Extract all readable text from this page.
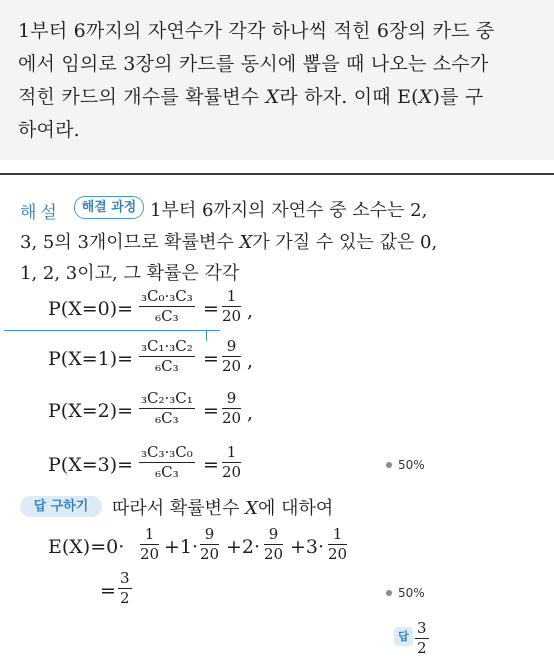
1부터 6까지의 자연수가 각각 하나씩 적힌 6장의 카드 중
에서 임의로 3장의 카드를 동시에 뽑을 때 나오는 소수가
적힌 카드의 개수를 확률변수 X라 하자. 이때 E(X)를 구
하여라.
해설	해결 과정 1부터 6까지의 자연수 중 소수는 2,
3, 5의 3개이므로 확률변수 X가 가질 수 있는 값은 0,
1, 2, 3이고, 그 확률은 각각
$P(X=0)= \frac{\text{₃C₀·₃C₃}}{\text{₆C₃}} = \frac{1}{20}$ ,
$P(X=1)= \frac{\text{₃C₁·₃C₂}}{\text{₆C₃}} = \frac{9}{20}$ ,
$P(X=2)= \frac{\text{₃C₂·₃C₁}}{\text{₆C₃}} = \frac{9}{20}$ ,
$P(X=3)= \frac{\text{₃C₃·₃C₀}}{\text{₆C₃}} = \frac{1}{20}$	50%
답 구하기	따라서 확률변수 X에 대하여
$E(X)=0\cdot \frac{1}{20} +1\cdot \frac{9}{20} +2\cdot \frac{9}{20} +3\cdot \frac{1}{20}$
= $\frac{3}{2}$	50%
답 $\frac{3}{2}$
